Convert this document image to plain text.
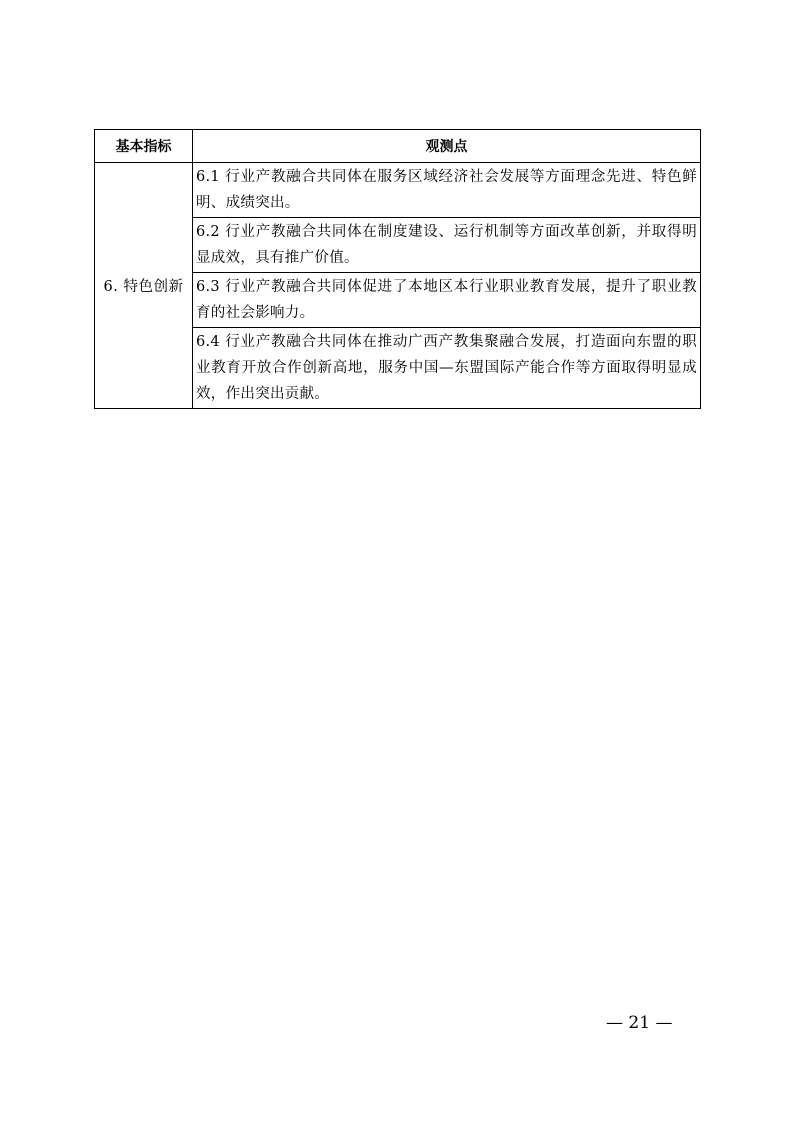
基本指标	观测点
6. 特色创新	6.1 行业产教融合共同体在服务区域经济社会发展等方面理念先进、特色鲜明、成绩突出。
	6.2 行业产教融合共同体在制度建设、运行机制等方面改革创新，并取得明显成效，具有推广价值。
	6.3 行业产教融合共同体促进了本地区本行业职业教育发展，提升了职业教育的社会影响力。
	6.4 行业产教融合共同体在推动广西产教集聚融合发展，打造面向东盟的职业教育开放合作创新高地，服务中国—东盟国际产能合作等方面取得明显成效，作出突出贡献。
— 21 —
